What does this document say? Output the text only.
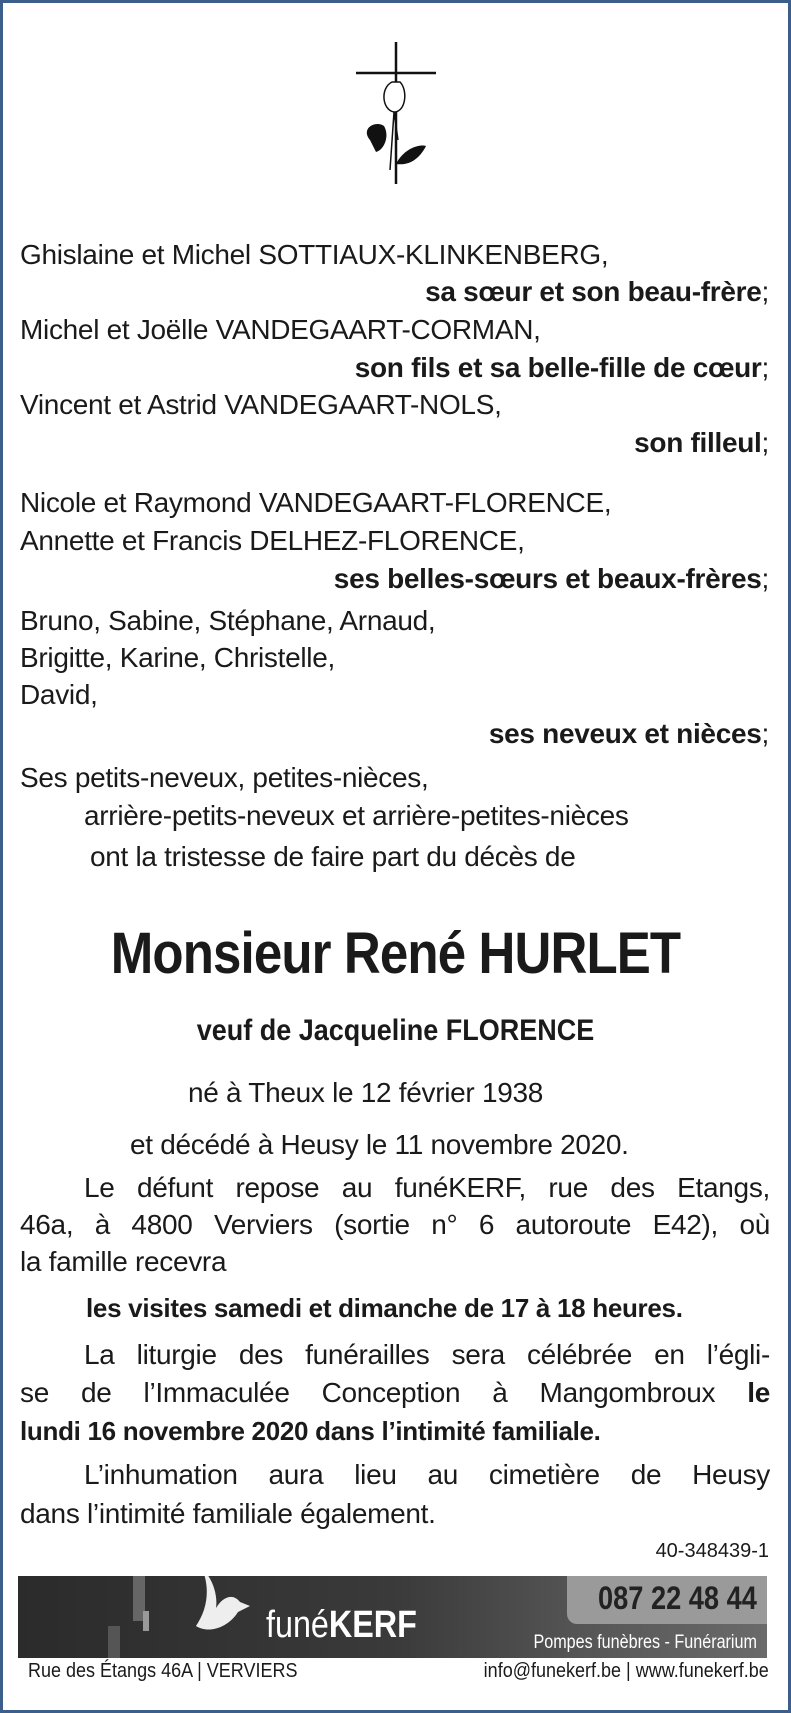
Ghislaine et Michel SOTTIAUX-KLINKENBERG,
sa sœur et son beau-frère;
Michel et Joëlle VANDEGAART-CORMAN,
son fils et sa belle-fille de cœur;
Vincent et Astrid VANDEGAART-NOLS,
son filleul;
Nicole et Raymond VANDEGAART-FLORENCE,
Annette et Francis DELHEZ-FLORENCE,
ses belles-sœurs et beaux-frères;
Bruno, Sabine, Stéphane, Arnaud,
Brigitte, Karine, Christelle,
David,
ses neveux et nièces;
Ses petits-neveux, petites-nièces,
arrière-petits-neveux et arrière-petites-nièces
ont la tristesse de faire part du décès de
Monsieur René HURLET
veuf de Jacqueline FLORENCE
né à Theux le 12 février 1938
et décédé à Heusy le 11 novembre 2020.
Le défunt repose au funéKERF, rue des Etangs,
46a, à 4800 Verviers (sortie n° 6 autoroute E42), où
la famille recevra
les visites samedi et dimanche de 17 à 18 heures.
La liturgie des funérailles sera célébrée en l’égli-
se de l’Immaculée Conception à Mangombroux le
lundi 16 novembre 2020 dans l’intimité familiale.
L’inhumation aura lieu au cimetière de Heusy
dans l’intimité familiale également.
40-348439-1
funéKERF
087 22 48 44
Pompes funèbres - Funérarium
Rue des Étangs 46A | VERVIERS	info@funekerf.be | www.funekerf.be
